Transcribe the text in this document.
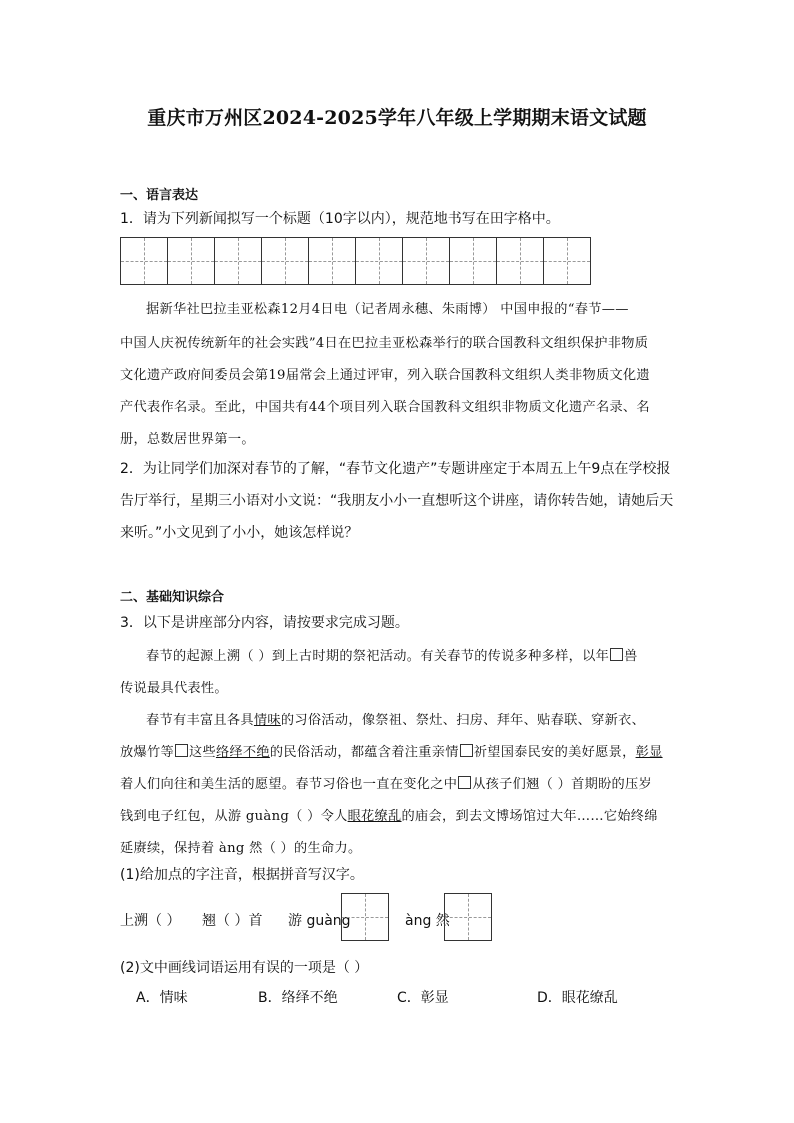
重庆市万州区2024-2025学年八年级上学期期末语文试题
一、语言表达
1．请为下列新闻拟写一个标题（10字以内），规范地书写在田字格中。
据新华社巴拉圭亚松森12月4日电（记者周永穗、朱雨博） 中国申报的“春节——
中国人庆祝传统新年的社会实践”4日在巴拉圭亚松森举行的联合国教科文组织保护非物质
文化遗产政府间委员会第19届常会上通过评审，列入联合国教科文组织人类非物质文化遗
产代表作名录。至此，中国共有44个项目列入联合国教科文组织非物质文化遗产名录、名
册，总数居世界第一。
2．为让同学们加深对春节的了解，“春节文化遗产”专题讲座定于本周五上午9点在学校报
告厅举行，星期三小语对小文说：“我朋友小小一直想听这个讲座，请你转告她，请她后天
来听。”小文见到了小小，她该怎样说？
二、基础知识综合
3．以下是讲座部分内容，请按要求完成习题。
春节的起源上溯（ ）到上古时期的祭祀活动。有关春节的传说多种多样，以年 兽
传说最具代表性。
春节有丰富且各具情味的习俗活动，像祭祖、祭灶、扫房、拜年、贴春联、穿新衣、
放爆竹等 这些络绎不绝的民俗活动，都蕴含着注重亲情 祈望国泰民安的美好愿景，彰显
着人们向往和美生活的愿望。春节习俗也一直在变化之中 从孩子们翘（ ）首期盼的压岁
钱到电子红包，从游 guàng（ ）令人眼花缭乱的庙会，到去文博场馆过大年……它始终绵
延赓续，保持着 àng 然（ ）的生命力。
(1)给加点的字注音，根据拼音写汉字。
上溯（ ） 翘（ ）首 游 guàng	àng 然
(2)文中画线词语运用有误的一项是（ ）
A．情味	B．络绎不绝	C．彰显	D．眼花缭乱
